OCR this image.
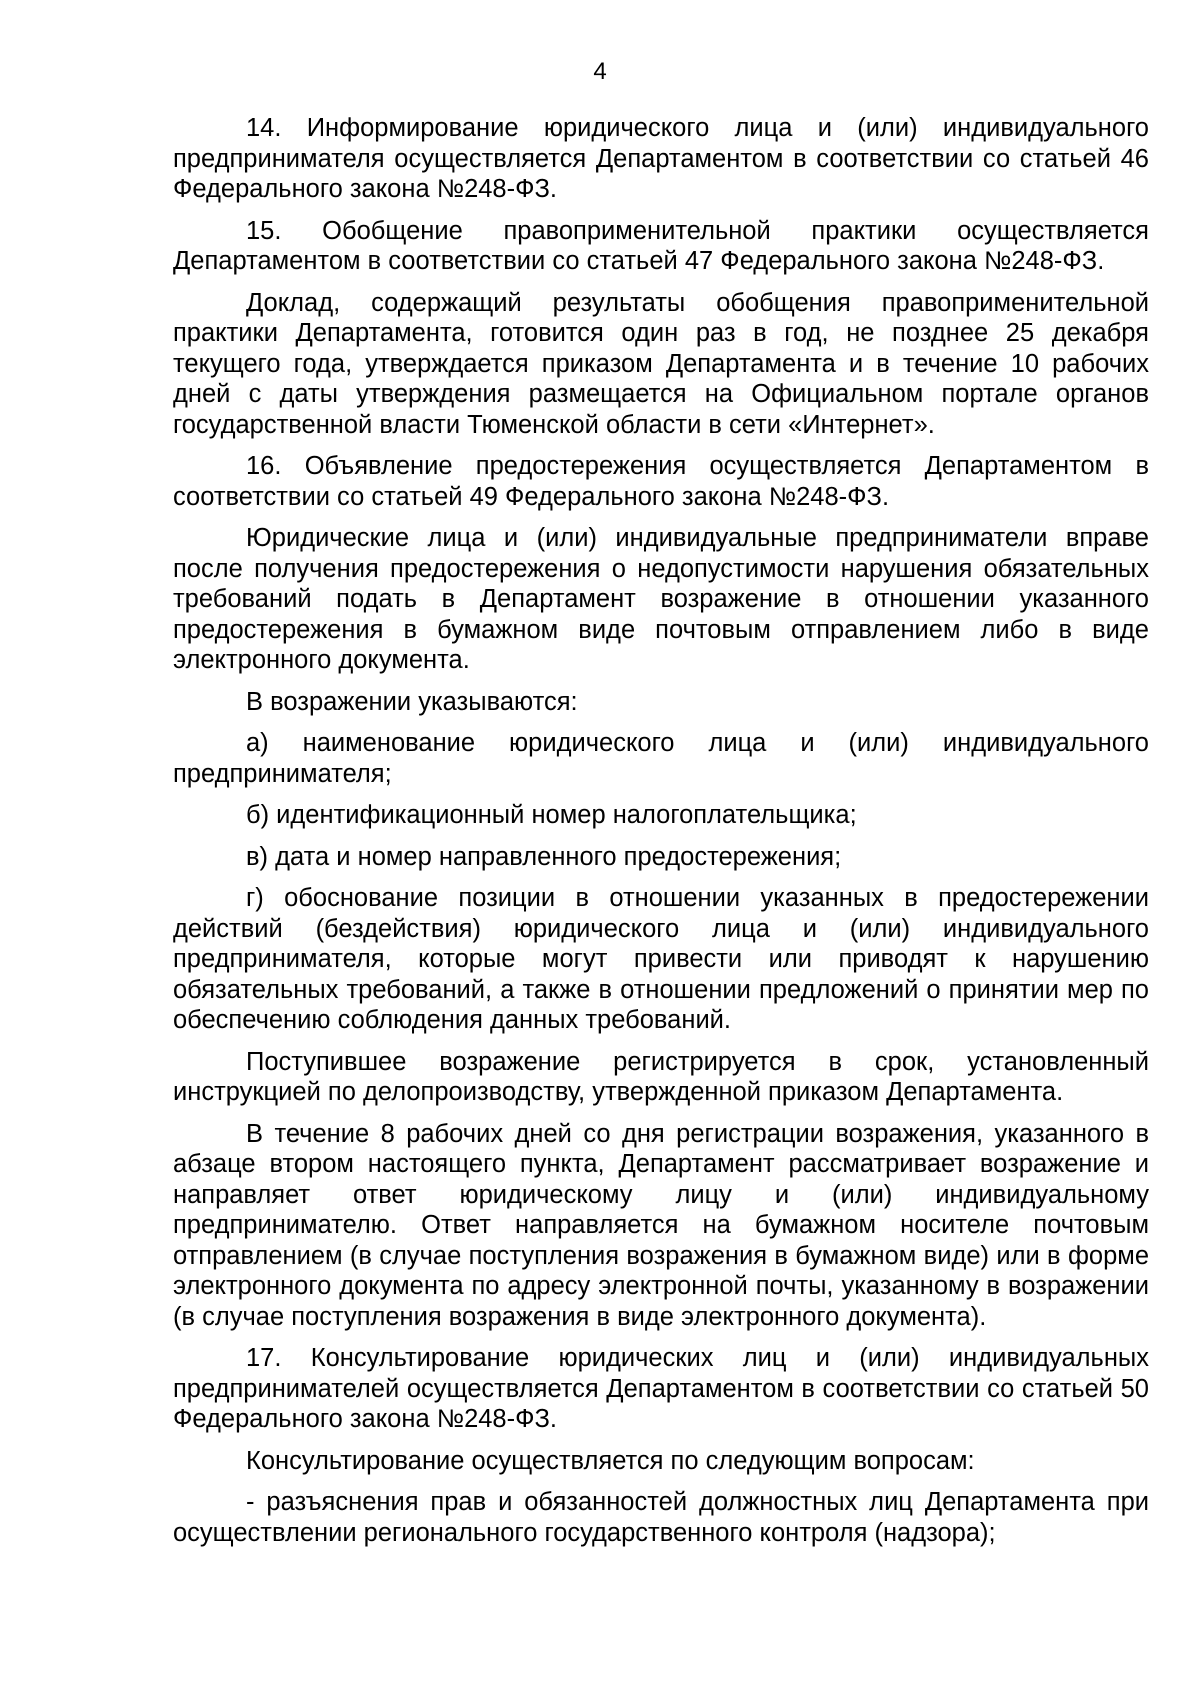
4

14. Информирование юридического лица и (или) индивидуального предпринимателя осуществляется Департаментом в соответствии со статьей 46 Федерального закона №248-ФЗ.

15. Обобщение правоприменительной практики осуществляется Департаментом в соответствии со статьей 47 Федерального закона №248-ФЗ.

Доклад, содержащий результаты обобщения правоприменительной практики Департамента, готовится один раз в год, не позднее 25 декабря текущего года, утверждается приказом Департамента и в течение 10 рабочих дней с даты утверждения размещается на Официальном портале органов государственной власти Тюменской области в сети «Интернет».

16. Объявление предостережения осуществляется Департаментом в соответствии со статьей 49 Федерального закона №248-ФЗ.

Юридические лица и (или) индивидуальные предприниматели вправе после получения предостережения о недопустимости нарушения обязательных требований подать в Департамент возражение в отношении указанного предостережения в бумажном виде почтовым отправлением либо в виде электронного документа.

В возражении указываются:

а) наименование юридического лица и (или) индивидуального предпринимателя;

б) идентификационный номер налогоплательщика;

в) дата и номер направленного предостережения;

г) обоснование позиции в отношении указанных в предостережении действий (бездействия) юридического лица и (или) индивидуального предпринимателя, которые могут привести или приводят к нарушению обязательных требований, а также в отношении предложений о принятии мер по обеспечению соблюдения данных требований.

Поступившее возражение регистрируется в срок, установленный инструкцией по делопроизводству, утвержденной приказом Департамента.

В течение 8 рабочих дней со дня регистрации возражения, указанного в абзаце втором настоящего пункта, Департамент рассматривает возражение и направляет ответ юридическому лицу и (или) индивидуальному предпринимателю. Ответ направляется на бумажном носителе почтовым отправлением (в случае поступления возражения в бумажном виде) или в форме электронного документа по адресу электронной почты, указанному в возражении (в случае поступления возражения в виде электронного документа).

17. Консультирование юридических лиц и (или) индивидуальных предпринимателей осуществляется Департаментом в соответствии со статьей 50 Федерального закона №248-ФЗ.

Консультирование осуществляется по следующим вопросам:

- разъяснения прав и обязанностей должностных лиц Департамента при осуществлении регионального государственного контроля (надзора);
